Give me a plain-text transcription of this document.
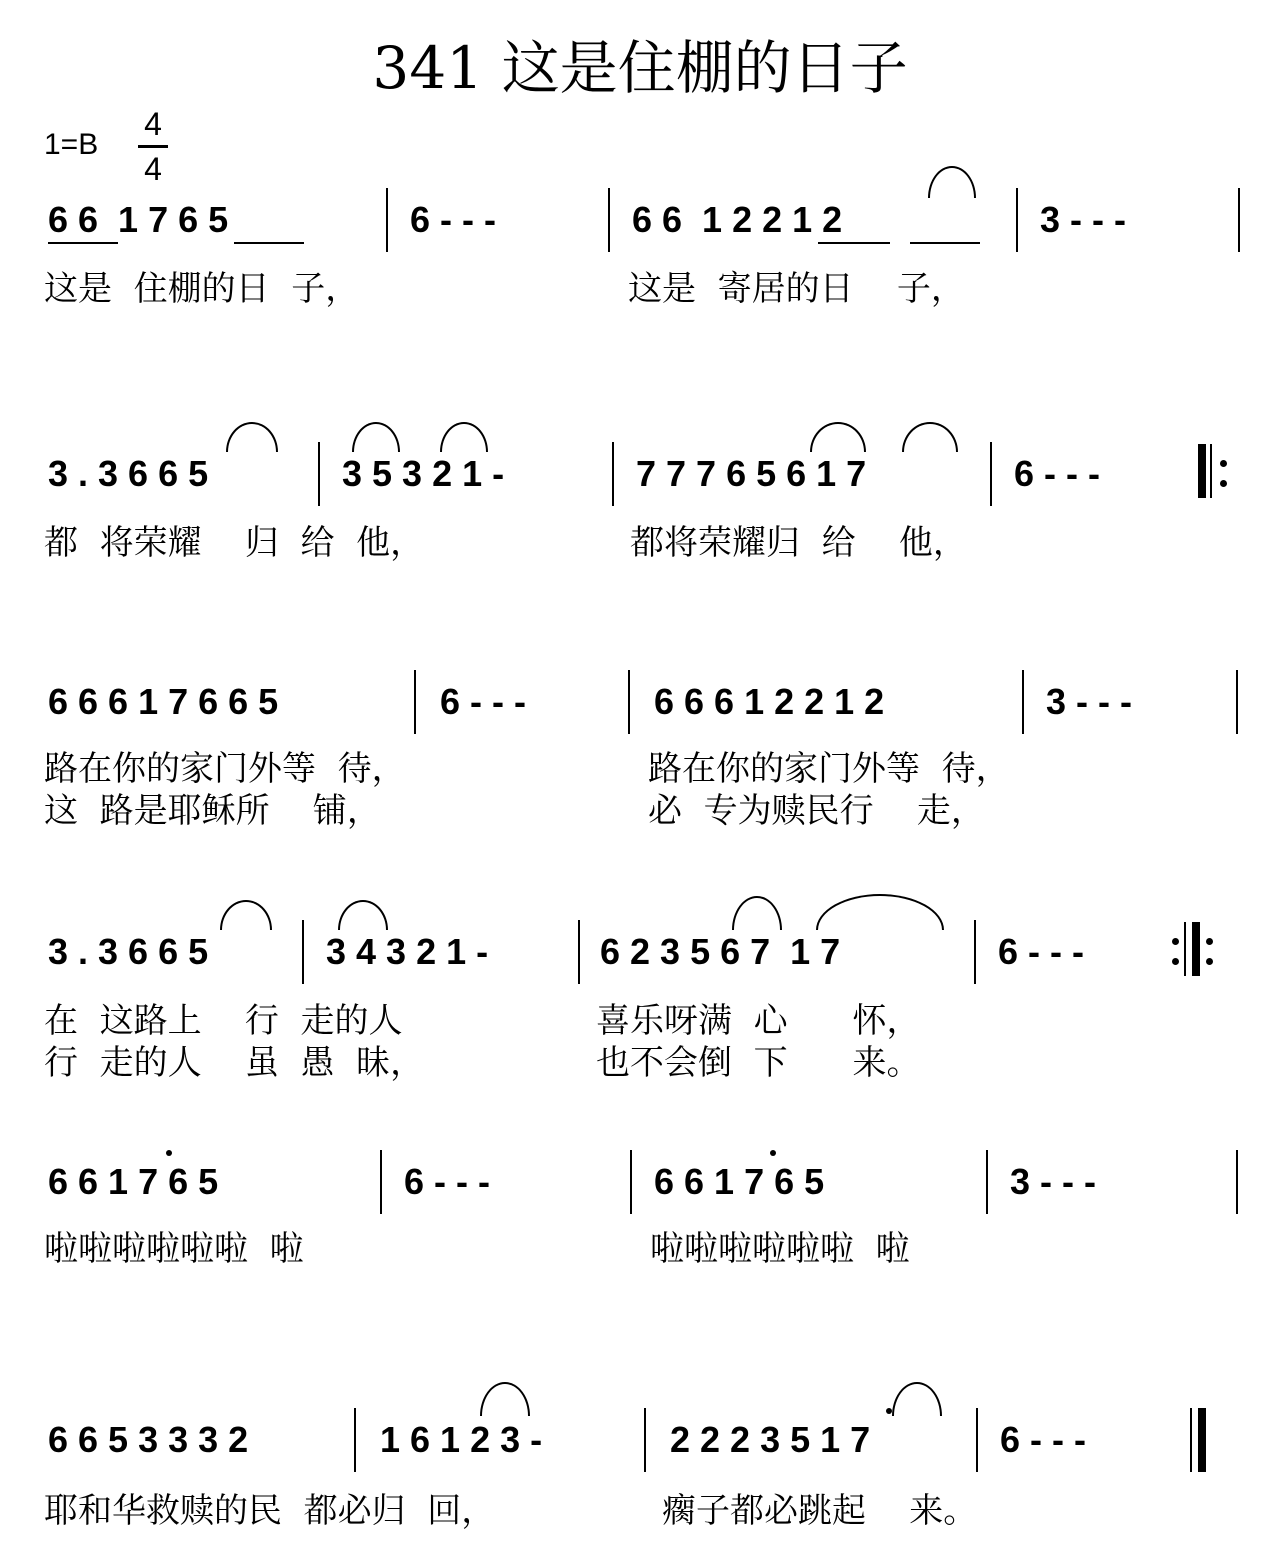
341 这是住棚的日子
1=B
4
4
6 6  1 7 6 5	6 - - -	6 6  1 2 2 1 2	3 - - -
这是  住棚的日  子，	这是  寄居的日    子，
3 . 3 6 6 5	3 5 3 2 1 -	7 7 7 6 5 6 1 7	6 - - -
都  将荣耀    归  给  他，	都将荣耀归  给    他，
6 6 6 1 7 6 6 5	6 - - -	6 6 6 1 2 2 1 2	3 - - -
路在你的家门外等  待，	路在你的家门外等  待，
这  路是耶稣所    铺，	必  专为赎民行    走，
3 . 3 6 6 5	3 4 3 2 1 -	6 2 3 5 6 7  1 7	6 - - -
在  这路上    行  走的人	喜乐呀满  心      怀，
行  走的人    虽  愚  昧，	也不会倒  下      来。
6 6 1 7 6 5	6 - - -	6 6 1 7 6 5	3 - - -
啦啦啦啦啦啦  啦	啦啦啦啦啦啦  啦
6 6 5 3 3 3 2	1 6 1 2 3 -	2 2 2 3 5 1 7	6 - - -
耶和华救赎的民  都必归  回，	瘸子都必跳起    来。
